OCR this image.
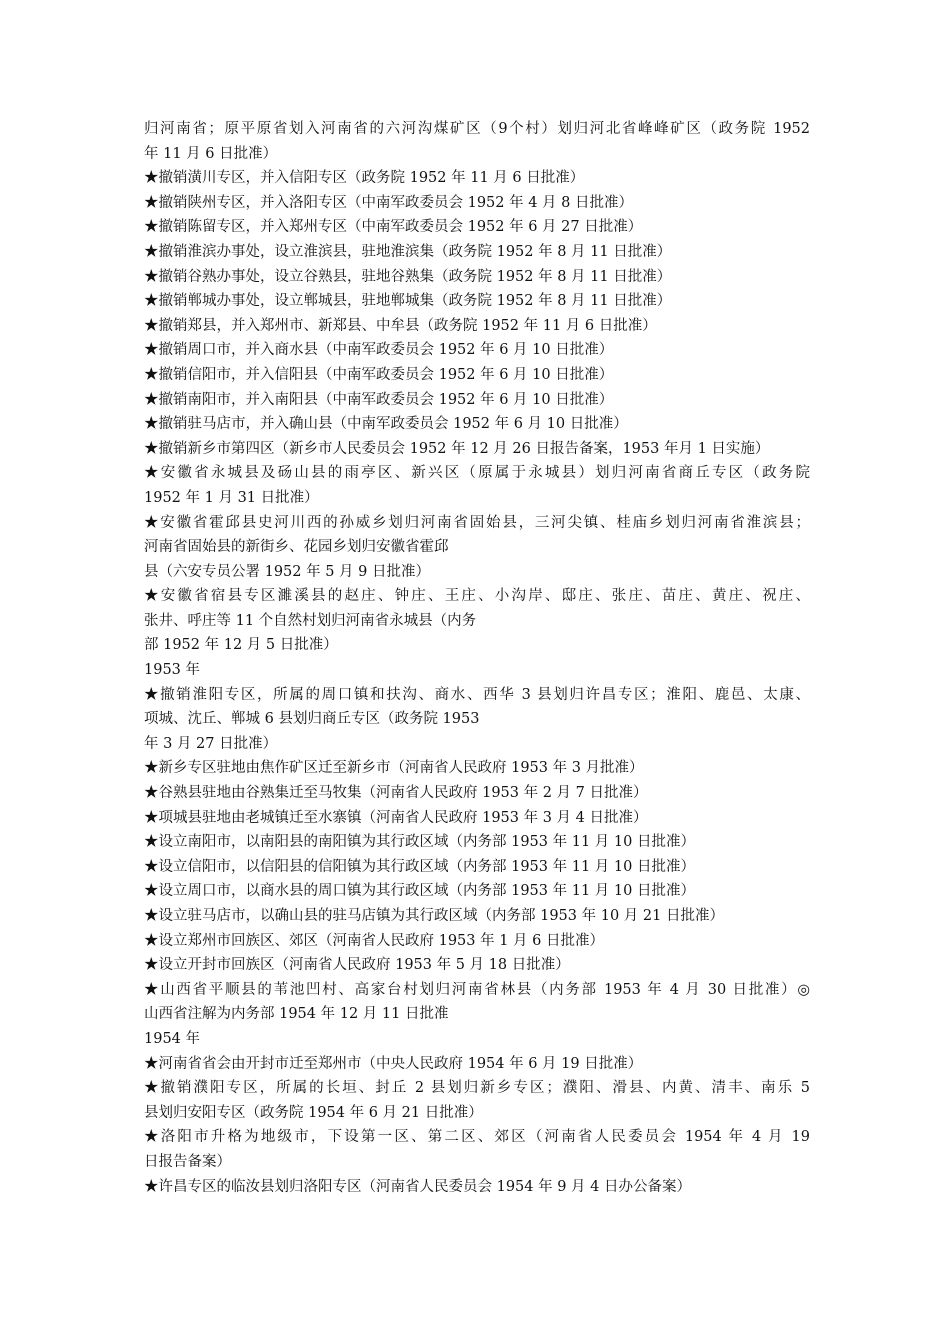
归河南省；原平原省划入河南省的六河沟煤矿区（9个村）划归河北省峰峰矿区（政务院 1952
年 11 月 6 日批准）
★撤销潢川专区，并入信阳专区（政务院 1952 年 11 月 6 日批准）
★撤销陕州专区，并入洛阳专区（中南军政委员会 1952 年 4 月 8 日批准）
★撤销陈留专区，并入郑州专区（中南军政委员会 1952 年 6 月 27 日批准）
★撤销淮滨办事处，设立淮滨县，驻地淮滨集（政务院 1952 年 8 月 11 日批准）
★撤销谷熟办事处，设立谷熟县，驻地谷熟集（政务院 1952 年 8 月 11 日批准）
★撤销郸城办事处，设立郸城县，驻地郸城集（政务院 1952 年 8 月 11 日批准）
★撤销郑县，并入郑州市、新郑县、中牟县（政务院 1952 年 11 月 6 日批准）
★撤销周口市，并入商水县（中南军政委员会 1952 年 6 月 10 日批准）
★撤销信阳市，并入信阳县（中南军政委员会 1952 年 6 月 10 日批准）
★撤销南阳市，并入南阳县（中南军政委员会 1952 年 6 月 10 日批准）
★撤销驻马店市，并入确山县（中南军政委员会 1952 年 6 月 10 日批准）
★撤销新乡市第四区（新乡市人民委员会 1952 年 12 月 26 日报告备案，1953 年月 1 日实施）
★安徽省永城县及砀山县的雨亭区、新兴区（原属于永城县）划归河南省商丘专区（政务院
1952 年 1 月 31 日批准）
★安徽省霍邱县史河川西的孙威乡划归河南省固始县，三河尖镇、桂庙乡划归河南省淮滨县；
河南省固始县的新街乡、花园乡划归安徽省霍邱
县（六安专员公署 1952 年 5 月 9 日批准）
★安徽省宿县专区濉溪县的赵庄、钟庄、王庄、小沟岸、邸庄、张庄、苗庄、黄庄、祝庄、
张井、呼庄等 11 个自然村划归河南省永城县（内务
部 1952 年 12 月 5 日批准）
1953 年
★撤销淮阳专区，所属的周口镇和扶沟、商水、西华 3 县划归许昌专区；淮阳、鹿邑、太康、
项城、沈丘、郸城 6 县划归商丘专区（政务院 1953
年 3 月 27 日批准）
★新乡专区驻地由焦作矿区迁至新乡市（河南省人民政府 1953 年 3 月批准）
★谷熟县驻地由谷熟集迁至马牧集（河南省人民政府 1953 年 2 月 7 日批准）
★项城县驻地由老城镇迁至水寨镇（河南省人民政府 1953 年 3 月 4 日批准）
★设立南阳市，以南阳县的南阳镇为其行政区域（内务部 1953 年 11 月 10 日批准）
★设立信阳市，以信阳县的信阳镇为其行政区域（内务部 1953 年 11 月 10 日批准）
★设立周口市，以商水县的周口镇为其行政区域（内务部 1953 年 11 月 10 日批准）
★设立驻马店市，以确山县的驻马店镇为其行政区域（内务部 1953 年 10 月 21 日批准）
★设立郑州市回族区、郊区（河南省人民政府 1953 年 1 月 6 日批准）
★设立开封市回族区（河南省人民政府 1953 年 5 月 18 日批准）
★山西省平顺县的苇池凹村、高家台村划归河南省林县（内务部 1953 年 4 月 30 日批准）◎
山西省注解为内务部 1954 年 12 月 11 日批准
1954 年
★河南省省会由开封市迁至郑州市（中央人民政府 1954 年 6 月 19 日批准）
★撤销濮阳专区，所属的长垣、封丘 2 县划归新乡专区；濮阳、滑县、内黄、清丰、南乐 5
县划归安阳专区（政务院 1954 年 6 月 21 日批准）
★洛阳市升格为地级市，下设第一区、第二区、郊区（河南省人民委员会 1954 年 4 月 19
日报告备案）
★许昌专区的临汝县划归洛阳专区（河南省人民委员会 1954 年 9 月 4 日办公备案）
